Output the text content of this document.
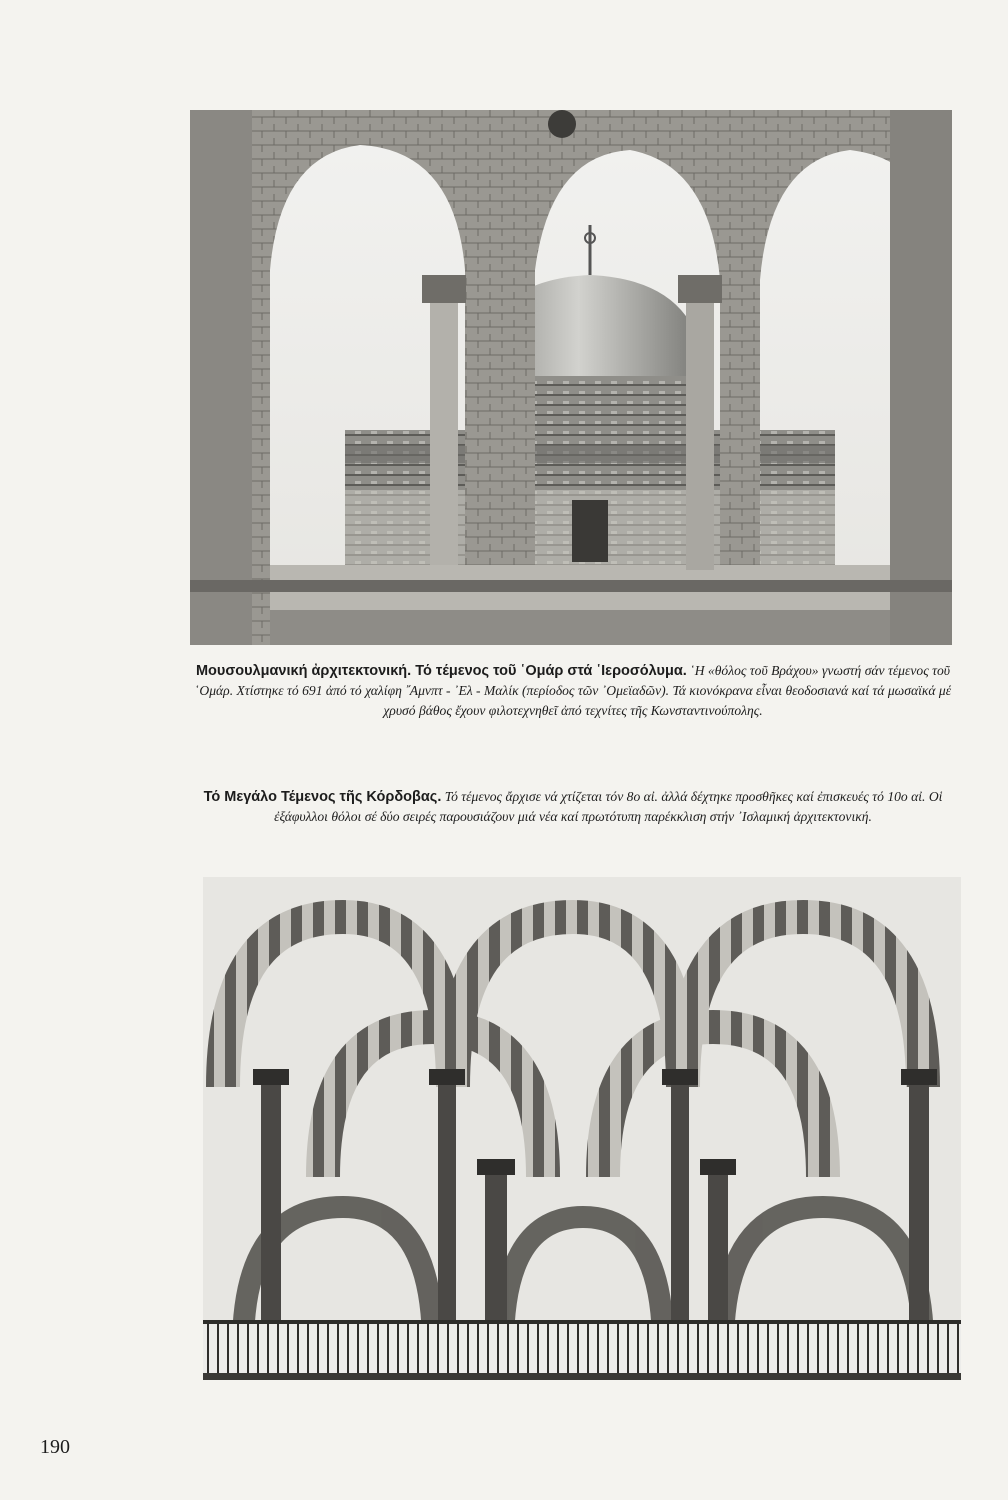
Μουσουλμανική ἀρχιτεκτονική. Τό τέμενος τοῦ ῾Ομάρ στά ῾Ιεροσόλυμα. ῾Η «θόλος τοῦ Βράχου» γνωστή σάν τέμενος τοῦ ῾Ομάρ. Χτίστηκε τό 691 ἀπό τό χαλίφη ῎Αμνπτ - ᾿Ελ - Μαλίκ (περίοδος τῶν ᾿Ομεϊαδῶν). Τά κιονόκρανα εἶναι θεοδοσιανά καί τά μωσαϊκά μέ χρυσό βάθος ἔχουν φιλοτεχνηθεῖ ἀπό τεχνίτες τῆς Κωνσταντινούπολης.
Τό Μεγάλο Τέμενος τῆς Κόρδοβας. Τό τέμενος ἄρχισε νά χτίζεται τόν 8ο αἰ. ἀλλά δέχτηκε προσθῆκες καί ἐπισκευές τό 10ο αἰ. Οἱ ἐξάφυλλοι θόλοι σέ δύο σειρές παρουσιάζουν μιά νέα καί πρωτότυπη παρέκκλιση στήν ᾿Ισλαμική ἀρχιτεκτονική.
190
